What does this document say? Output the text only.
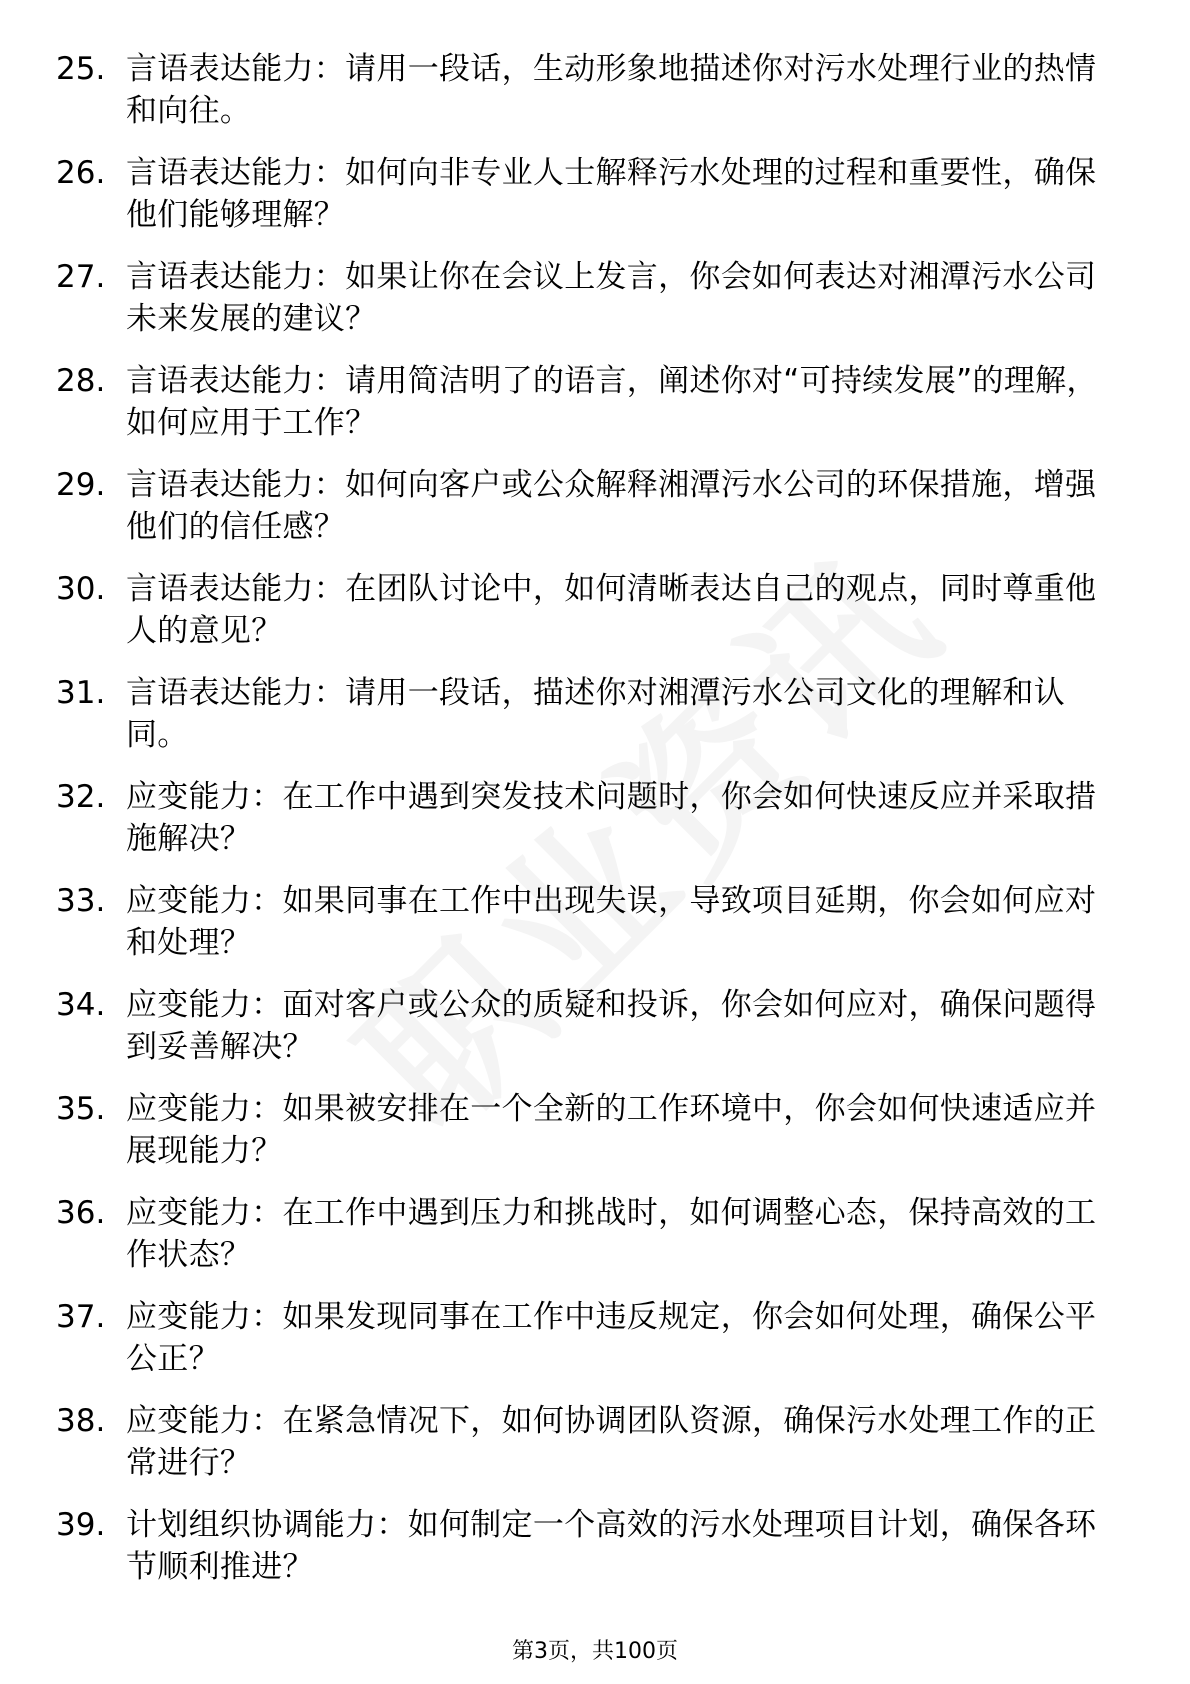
25. 言语表达能力：请用一段话，生动形象地描述你对污水处理行业的热情和向往。
26. 言语表达能力：如何向非专业人士解释污水处理的过程和重要性，确保他们能够理解？
27. 言语表达能力：如果让你在会议上发言，你会如何表达对湘潭污水公司未来发展的建议？
28. 言语表达能力：请用简洁明了的语言，阐述你对“可持续发展”的理解，如何应用于工作？
29. 言语表达能力：如何向客户或公众解释湘潭污水公司的环保措施，增强他们的信任感？
30. 言语表达能力：在团队讨论中，如何清晰表达自己的观点，同时尊重他人的意见？
31. 言语表达能力：请用一段话，描述你对湘潭污水公司文化的理解和认同。
32. 应变能力：在工作中遇到突发技术问题时，你会如何快速反应并采取措施解决？
33. 应变能力：如果同事在工作中出现失误，导致项目延期，你会如何应对和处理？
34. 应变能力：面对客户或公众的质疑和投诉，你会如何应对，确保问题得到妥善解决？
35. 应变能力：如果被安排在一个全新的工作环境中，你会如何快速适应并展现能力？
36. 应变能力：在工作中遇到压力和挑战时，如何调整心态，保持高效的工作状态？
37. 应变能力：如果发现同事在工作中违反规定，你会如何处理，确保公平公正？
38. 应变能力：在紧急情况下，如何协调团队资源，确保污水处理工作的正常进行？
39. 计划组织协调能力：如何制定一个高效的污水处理项目计划，确保各环节顺利推进？
第3页，共100页
